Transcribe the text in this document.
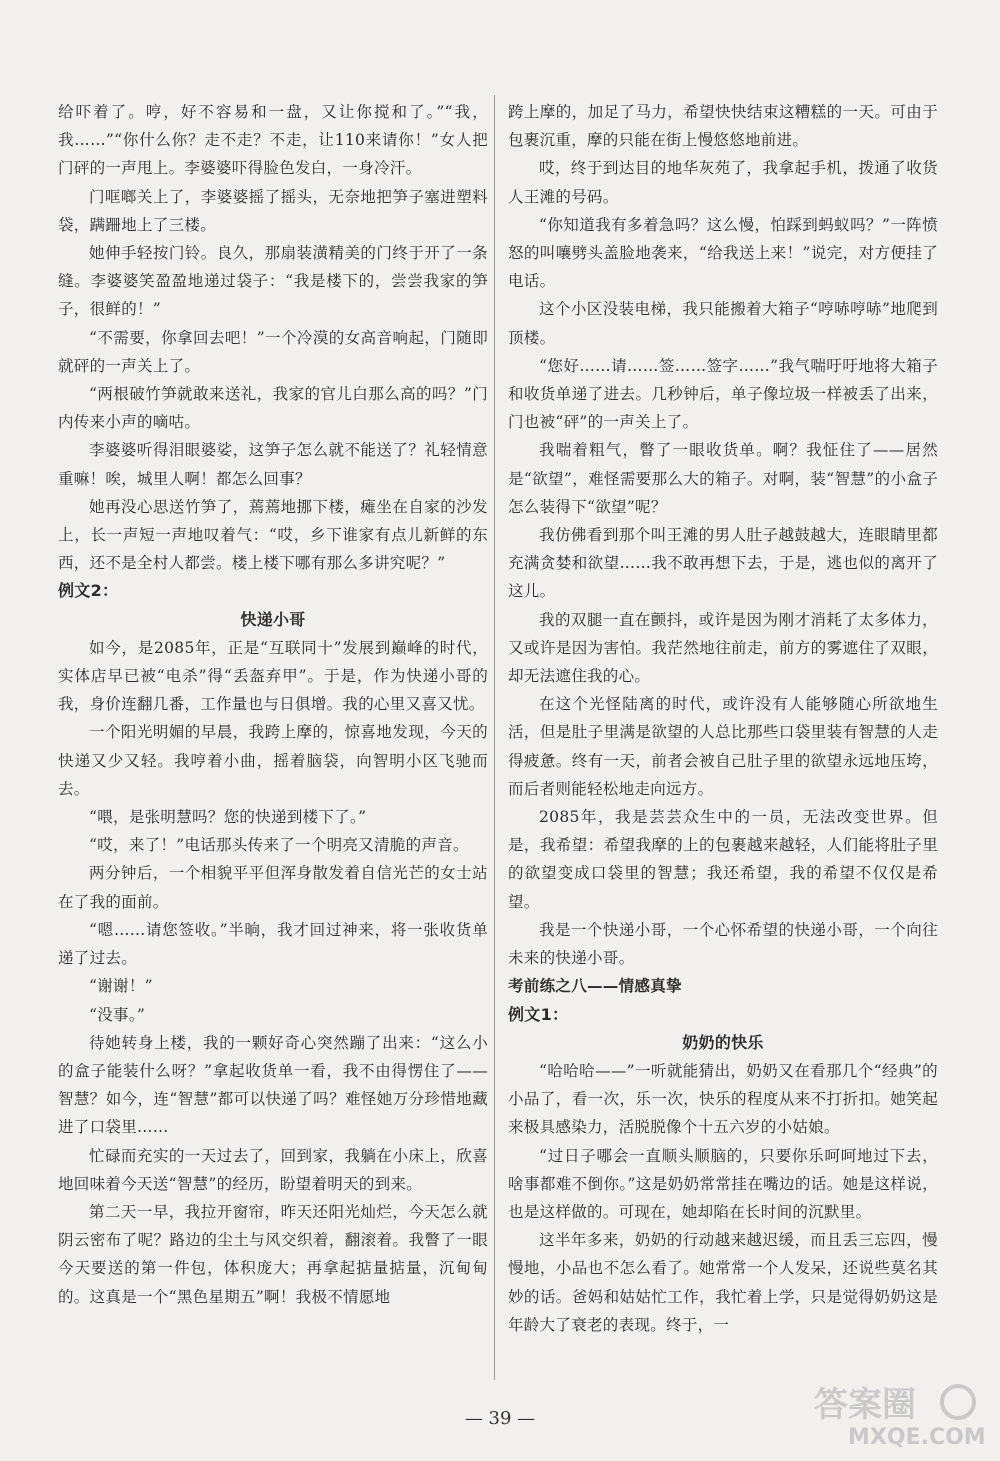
给吓着了。哼，好不容易和一盘，又让你搅和了。”“我，我……”“你什么你？走不走？不走，让110来请你！”女人把门砰的一声甩上。李婆婆吓得脸色发白，一身冷汗。

门哐啷关上了，李婆婆摇了摇头，无奈地把笋子塞进塑料袋，蹒跚地上了三楼。

她伸手轻按门铃。良久，那扇装潢精美的门终于开了一条缝。李婆婆笑盈盈地递过袋子：“我是楼下的，尝尝我家的笋子，很鲜的！”

“不需要，你拿回去吧！”一个冷漠的女高音响起，门随即就砰的一声关上了。

“两根破竹笋就敢来送礼，我家的官儿白那么高的吗？”门内传来小声的嘀咕。

李婆婆听得泪眼婆娑，这笋子怎么就不能送了？礼轻情意重嘛！唉，城里人啊！都怎么回事？

她再没心思送竹笋了，蔫蔫地挪下楼，瘫坐在自家的沙发上，长一声短一声地叹着气：“哎，乡下谁家有点儿新鲜的东西，还不是全村人都尝。楼上楼下哪有那么多讲究呢？”

例文2：

快递小哥

如今，是2085年，正是“互联同十”发展到巅峰的时代，实体店早已被“电杀”得“丢盔弃甲”。于是，作为快递小哥的我，身价连翻几番，工作量也与日俱增。我的心里又喜又忧。

一个阳光明媚的早晨，我跨上摩的，惊喜地发现，今天的快递又少又轻。我哼着小曲，摇着脑袋，向智明小区飞驰而去。

“喂，是张明慧吗？您的快递到楼下了。”

“哎，来了！”电话那头传来了一个明亮又清脆的声音。

两分钟后，一个相貌平平但浑身散发着自信光芒的女士站在了我的面前。

“嗯……请您签收。”半晌，我才回过神来，将一张收货单递了过去。

“谢谢！”

“没事。”

待她转身上楼，我的一颗好奇心突然蹦了出来：“这么小的盒子能装什么呀？”拿起收货单一看，我不由得愣住了——智慧？如今，连“智慧”都可以快递了吗？难怪她万分珍惜地藏进了口袋里……

忙碌而充实的一天过去了，回到家，我躺在小床上，欣喜地回味着今天送“智慧”的经历，盼望着明天的到来。

第二天一早，我拉开窗帘，昨天还阳光灿烂，今天怎么就阴云密布了呢？路边的尘土与风交织着，翻滚着。我瞥了一眼今天要送的第一件包，体积庞大；再拿起掂量掂量，沉甸甸的。这真是一个“黑色星期五”啊！我极不情愿地

跨上摩的，加足了马力，希望快快结束这糟糕的一天。可由于包裹沉重，摩的只能在街上慢悠悠地前进。

哎，终于到达目的地华灰苑了，我拿起手机，拨通了收货人王滩的号码。

“你知道我有多着急吗？这么慢，怕踩到蚂蚁吗？”一阵愤怒的叫嚷劈头盖脸地袭来，“给我送上来！”说完，对方便挂了电话。

这个小区没装电梯，我只能搬着大箱子“哼哧哼哧”地爬到顶楼。

“您好……请……签……签字……”我气喘吁吁地将大箱子和收货单递了进去。几秒钟后，单子像垃圾一样被丢了出来，门也被“砰”的一声关上了。

我喘着粗气，瞥了一眼收货单。啊？我怔住了——居然是“欲望”，难怪需要那么大的箱子。对啊，装“智慧”的小盒子怎么装得下“欲望”呢？

我仿佛看到那个叫王滩的男人肚子越鼓越大，连眼睛里都充满贪婪和欲望……我不敢再想下去，于是，逃也似的离开了这儿。

我的双腿一直在颤抖，或许是因为刚才消耗了太多体力，又或许是因为害怕。我茫然地往前走，前方的雾遮住了双眼，却无法遮住我的心。

在这个光怪陆离的时代，或许没有人能够随心所欲地生活，但是肚子里满是欲望的人总比那些口袋里装有智慧的人走得疲惫。终有一天，前者会被自己肚子里的欲望永远地压垮，而后者则能轻松地走向远方。

2085年，我是芸芸众生中的一员，无法改变世界。但是，我希望：希望我摩的上的包裹越来越轻，人们能将肚子里的欲望变成口袋里的智慧；我还希望，我的希望不仅仅是希望。

我是一个快递小哥，一个心怀希望的快递小哥，一个向往未来的快递小哥。

考前练之八——情感真挚

例文1：

奶奶的快乐

“哈哈哈——”一听就能猜出，奶奶又在看那几个“经典”的小品了，看一次，乐一次，快乐的程度从来不打折扣。她笑起来极具感染力，活脱脱像个十五六岁的小姑娘。

“过日子哪会一直顺头顺脑的，只要你乐呵呵地过下去，啥事都难不倒你。”这是奶奶常常挂在嘴边的话。她是这样说，也是这样做的。可现在，她却陷在长时间的沉默里。

这半年多来，奶奶的行动越来越迟缓，而且丢三忘四，慢慢地，小品也不怎么看了。她常常一个人发呆，还说些莫名其妙的话。爸妈和姑姑忙工作，我忙着上学，只是觉得奶奶这是年龄大了衰老的表现。终于，一

— 39 —	答案圈
MXQE.COM
